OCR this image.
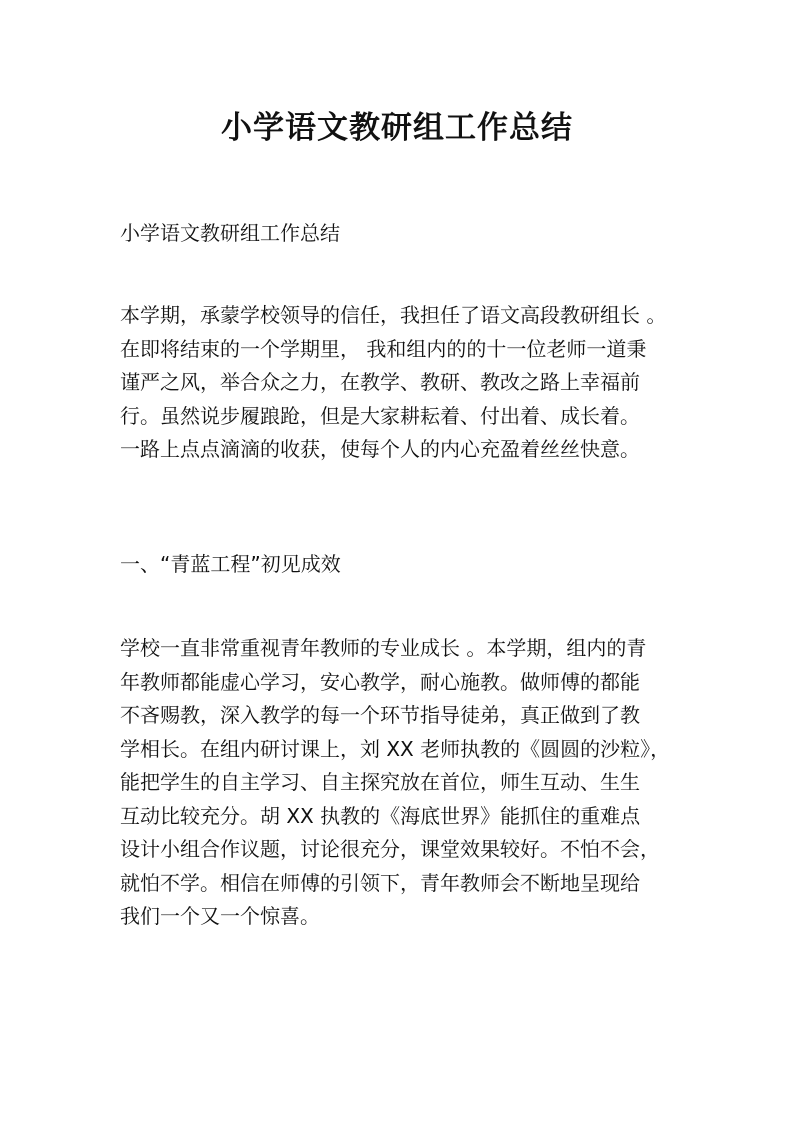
小学语文教研组工作总结
小学语文教研组工作总结
本学期，承蒙学校领导的信任，我担任了语文高段教研组长 。
在即将结束的一个学期里， 我和组内的的十一位老师一道秉
谨严之风，举合众之力，在教学、教研、教改之路上幸福前
行。虽然说步履踉跄，但是大家耕耘着、付出着、成长着。
一路上点点滴滴的收获，使每个人的内心充盈着丝丝快意。
一、“青蓝工程”初见成效
学校一直非常重视青年教师的专业成长 。本学期，组内的青
年教师都能虚心学习，安心教学，耐心施教。做师傅的都能
不吝赐教，深入教学的每一个环节指导徒弟，真正做到了教
学相长。在组内研讨课上，刘 XX 老师执教的《圆圆的沙粒》，
能把学生的自主学习、自主探究放在首位，师生互动、生生
互动比较充分。胡 XX 执教的《海底世界》能抓住的重难点
设计小组合作议题，讨论很充分，课堂效果较好。不怕不会，
就怕不学。相信在师傅的引领下，青年教师会不断地呈现给
我们一个又一个惊喜。
